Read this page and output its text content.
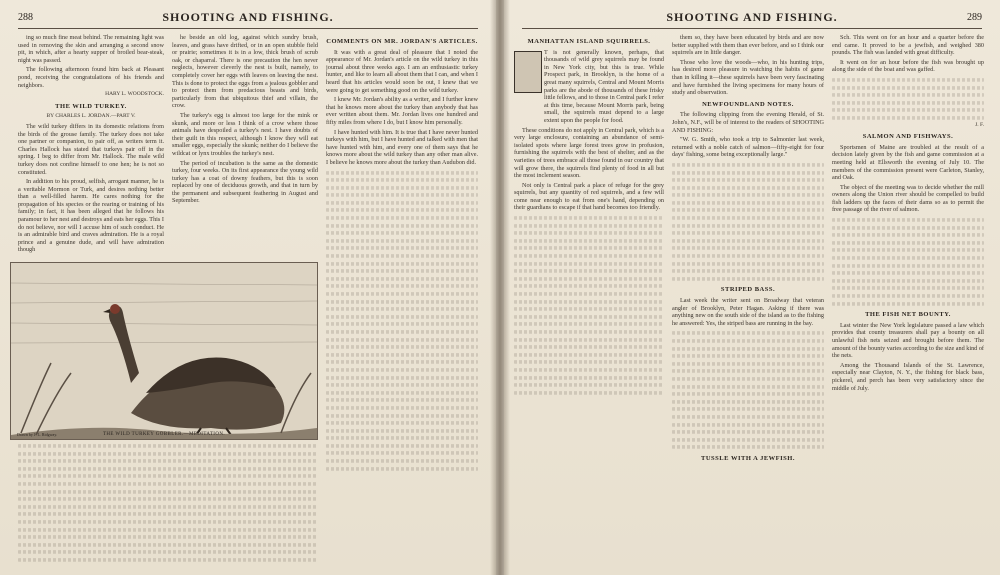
288	SHOOTING AND FISHING.

ing so much fine meat behind. The remaining light was used in removing the skin and arranging a second snow pit, in which, after a hearty supper of broiled bear-steak, night was passed.

The following afternoon found him back at Pleasant pond, receiving the congratulations of his friends and neighbors.

HARY L. WOODSTOCK.

THE WILD TURKEY.

BY CHARLES L. JORDAN.—PART V.

The wild turkey differs in its domestic relations from the birds of the grouse family. The turkey does not take one partner or companion, to pair off, as writers term it. Charles Hallock has stated that turkeys pair off in the spring. I beg to differ from Mr. Hallock. The male wild turkey does not confine himself to one hen; he is not so constituted.

In addition to his proud, selfish, arrogant manner, he is a veritable Mormon or Turk, and desires nothing better than a well-filled harem. He cares nothing for the propagation of his species or the rearing or training of his family; in fact, it has been alleged that he follows his paramour to her nest and destroys and eats her eggs. This I do not believe, nor will I accuse him of such conduct. He is an admirable bird and craves admiration. He is a royal prince and a genuine dude, and will have admiration though

he beside an old log, against which sundry brush, leaves, and grass have drifted, or in an open stubble field or prairie; sometimes it is in a low, thick brush of scrub oak, or chaparral. There is one precaution the hen never neglects, however cleverly the nest is built, namely, to completely cover her eggs with leaves on leaving the nest. This is done to protect the eggs from a jealous gobbler and to protect them from predacious beasts and birds, particularly from that ubiquitous thief and villain, the crow.

The turkey's egg is almost too large for the mink or skunk, and more or less I think of a crow where those animals have despoiled a turkey's nest. I have doubts of their guilt in this respect, although I know they will eat smaller eggs, especially the skunk; neither do I believe the wildcat or lynx troubles the turkey's nest.

The period of incubation is the same as the domestic turkey, four weeks. On its first appearance the young wild turkey has a coat of downy feathers, but this is soon replaced by one of deciduous growth, and that in turn by the permanent and subsequent feathering in August and September.

COMMENTS ON MR. JORDAN'S ARTICLES.

It was with a great deal of pleasure that I noted the appearance of Mr. Jordan's article on the wild turkey in this journal about three weeks ago. I am an enthusiastic turkey hunter, and like to learn all about them that I can, and when I heard that his articles would soon be out, I knew that we were going to get something good on the wild turkey.

I knew Mr. Jordan's ability as a writer, and I further knew that he knows more about the turkey than anybody that has ever written about them. Mr. Jordan lives one hundred and fifty miles from where I do, but I know him personally.

I have hunted with him. It is true that I have never hunted turkeys with him, but I have hunted and talked with men that have hunted with him, and every one of them says that he knows more about the wild turkey than any other man alive. I believe he knows more about the turkey than Audubon did.

THE WILD TURKEY GOBBLER.—MEDITATION.
Drawn by J. L. Ridgway.
SHOOTING AND FISHING.	289
MANHATTAN ISLAND SQUIRRELS.

T is not generally known, perhaps, that thousands of wild grey squirrels may be found in New York city, but this is true. While Prospect park, in Brooklyn, is the home of a great many squirrels, Central and Mount Morris parks are the abode of thousands of these frisky little fellows, and to those in Central park I refer at this time, because Mount Morris park, being small, the squirrels must depend to a large extent upon the people for food.

These conditions do not apply in Central park, which is a very large enclosure, containing an abundance of semi-isolated spots where large forest trees grow in profusion, furnishing the squirrels with the best of shelter, and as the varieties of trees embrace all those found in our country that will grow there, the squirrels find plenty of food in all but the most inclement season.

Not only is Central park a place of refuge for the grey squirrels, but any quantity of red squirrels, and a few will come near enough to eat from one's hand, depending on their guardians to escape if that hand becomes too friendly.

them so, they have been educated by birds and are now better supplied with them than ever before, and so I think our squirrels are in little danger.

Those who love the woods—who, in his hunting trips, has desired more pleasure in watching the habits of game than in killing it—these squirrels have been very fascinating and have furnished the living specimens for many hours of study and observation.

NEWFOUNDLAND NOTES.

The following clipping from the evening Herald, of St. John's, N.F., will be of interest to the readers of SHOOTING AND FISHING:

"W. G. Smith, who took a trip to Salmonier last week, returned with a noble catch of salmon—fifty-eight for four days' fishing, some being exceptionally large."

STRIPED BASS.

Last week the writer sent on Broadway that veteran angler of Brooklyn, Peter Hagan. Asking if there was anything new on the south side of the island as to the fishing he answered: Yes, the striped bass are running in the bay.

TUSSLE WITH A JEWFISH.

Sch. This went on for an hour and a quarter before the end came. It proved to be a jewfish, and weighed 380 pounds. The fish was landed with great difficulty.

It went on for an hour before the fish was brought up along the side of the boat and was gaffed.

J. F.

SALMON AND FISHWAYS.

Sportsmen of Maine are troubled at the result of a decision lately given by the fish and game commission at a meeting held at Ellsworth the evening of July 10. The members of the commission present were Carleton, Stanley, and Oak.

The object of the meeting was to decide whether the mill owners along the Union river should be compelled to build fish ladders up the faces of their dams so as to permit the free passage of the river of salmon.

THE FISH NET BOUNTY.

Last winter the New York legislature passed a law which provides that county treasurers shall pay a bounty on all unlawful fish nets seized and brought before them. The amount of the bounty varies according to the size and kind of the nets.

Among the Thousand Islands of the St. Lawrence, especially near Clayton, N. Y., the fishing for black bass, pickerel, and perch has been very satisfactory since the middle of July.
